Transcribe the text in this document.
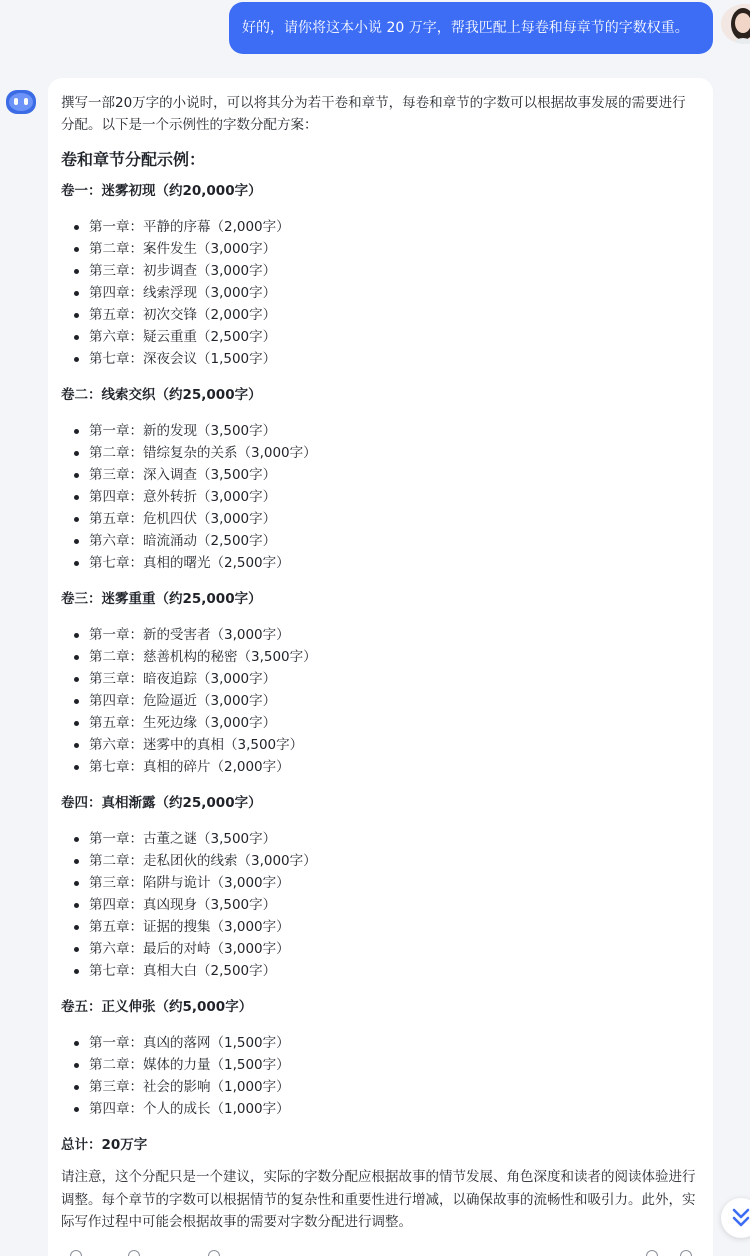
好的，请你将这本小说 20 万字，帮我匹配上每卷和每章节的字数权重。

撰写一部20万字的小说时，可以将其分为若干卷和章节，每卷和章节的字数可以根据故事发展的需要进行分配。以下是一个示例性的字数分配方案：

卷和章节分配示例：
卷一：迷雾初现（约20,000字）
第一章：平静的序幕（2,000字）
第二章：案件发生（3,000字）
第三章：初步调查（3,000字）
第四章：线索浮现（3,000字）
第五章：初次交锋（2,000字）
第六章：疑云重重（2,500字）
第七章：深夜会议（1,500字）
卷二：线索交织（约25,000字）
第一章：新的发现（3,500字）
第二章：错综复杂的关系（3,000字）
第三章：深入调查（3,500字）
第四章：意外转折（3,000字）
第五章：危机四伏（3,000字）
第六章：暗流涌动（2,500字）
第七章：真相的曙光（2,500字）
卷三：迷雾重重（约25,000字）
第一章：新的受害者（3,000字）
第二章：慈善机构的秘密（3,500字）
第三章：暗夜追踪（3,000字）
第四章：危险逼近（3,000字）
第五章：生死边缘（3,000字）
第六章：迷雾中的真相（3,500字）
第七章：真相的碎片（2,000字）
卷四：真相渐露（约25,000字）
第一章：古董之谜（3,500字）
第二章：走私团伙的线索（3,000字）
第三章：陷阱与诡计（3,000字）
第四章：真凶现身（3,500字）
第五章：证据的搜集（3,000字）
第六章：最后的对峙（3,000字）
第七章：真相大白（2,500字）
卷五：正义伸张（约5,000字）
第一章：真凶的落网（1,500字）
第二章：媒体的力量（1,500字）
第三章：社会的影响（1,000字）
第四章：个人的成长（1,000字）
总计：20万字

请注意，这个分配只是一个建议，实际的字数分配应根据故事的情节发展、角色深度和读者的阅读体验进行调整。每个章节的字数可以根据情节的复杂性和重要性进行增减，以确保故事的流畅性和吸引力。此外，实际写作过程中可能会根据故事的需要对字数分配进行调整。
